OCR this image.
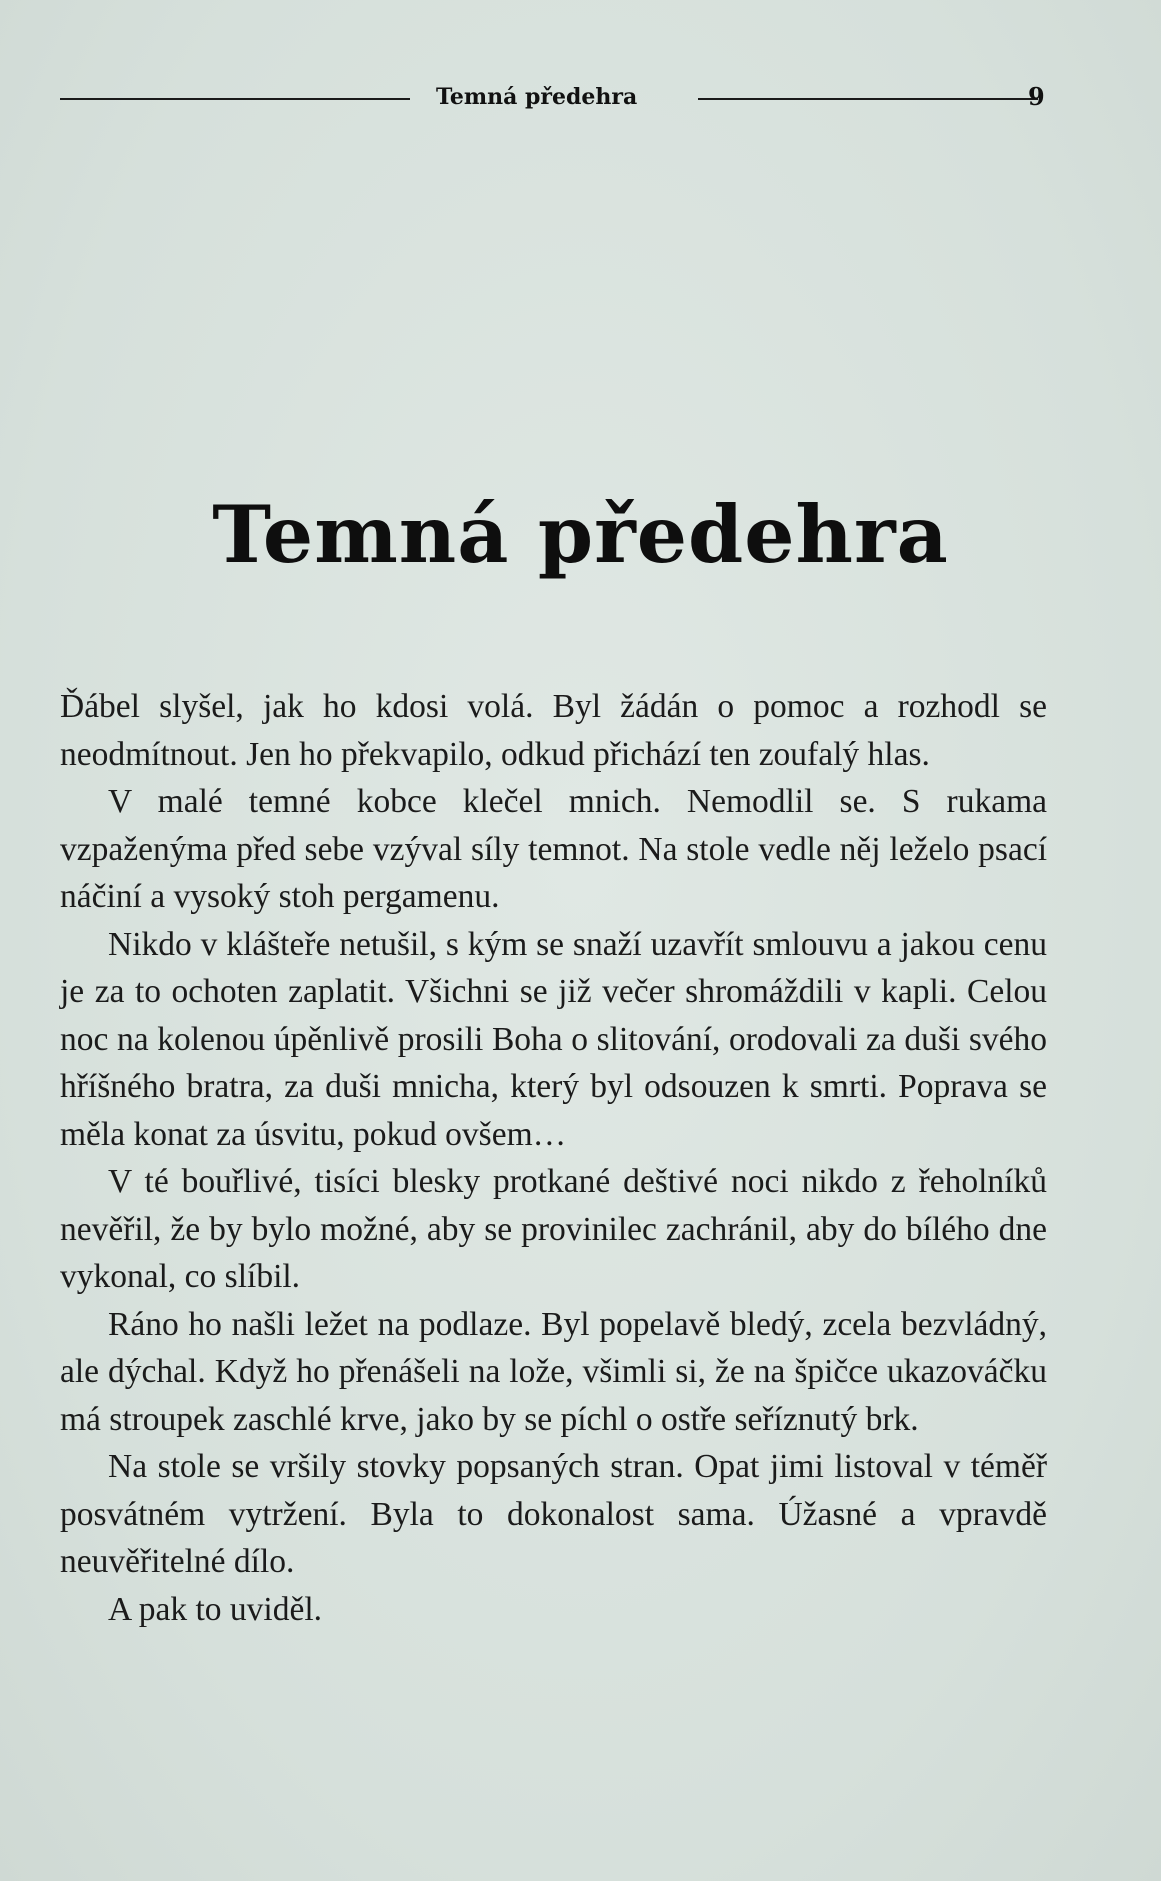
Temná předehra	9
Temná předehra

Ďábel slyšel, jak ho kdosi volá. Byl žádán o pomoc a rozhodl se neodmítnout. Jen ho překvapilo, odkud přichází ten zoufalý hlas.

V malé temné kobce klečel mnich. Nemodlil se. S rukama vzpaženýma před sebe vzýval síly temnot. Na stole vedle něj leželo psací náčiní a vysoký stoh pergamenu.

Nikdo v klášteře netušil, s kým se snaží uzavřít smlouvu a jakou cenu je za to ochoten zaplatit. Všichni se již večer shromáždili v kapli. Celou noc na kolenou úpěnlivě prosili Boha o slitování, orodovali za duši svého hříšného bratra, za duši mnicha, který byl odsouzen k smrti. Poprava se měla konat za úsvitu, pokud ovšem…

V té bouřlivé, tisíci blesky protkané deštivé noci nikdo z řeholníků nevěřil, že by bylo možné, aby se provinilec zachránil, aby do bílého dne vykonal, co slíbil.

Ráno ho našli ležet na podlaze. Byl popelavě bledý, zcela bezvládný, ale dýchal. Když ho přenášeli na lože, všimli si, že na špičce ukazováčku má stroupek zaschlé krve, jako by se píchl o ostře seříznutý brk.

Na stole se vršily stovky popsaných stran. Opat jimi listoval v téměř posvátném vytržení. Byla to dokonalost sama. Úžasné a vpravdě neuvěřitelné dílo.

A pak to uviděl.
